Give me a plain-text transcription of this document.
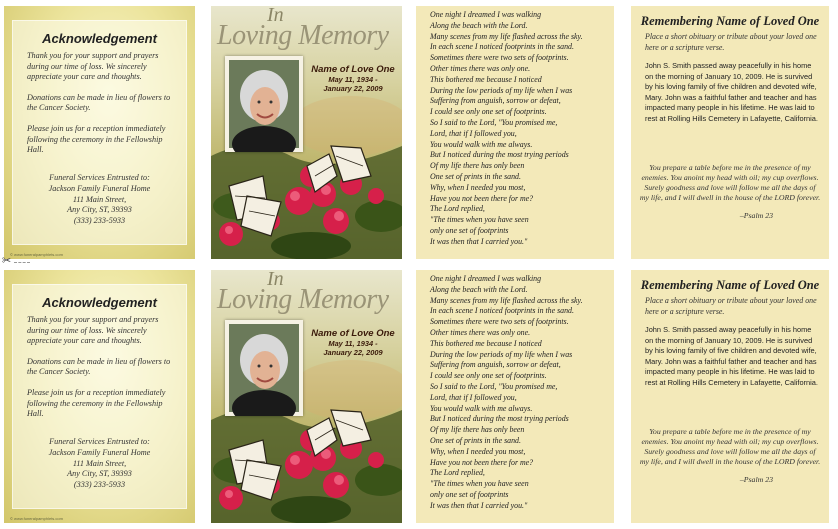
Acknowledgement

Thank you for your support and prayers during our time of loss. We sincerely appreciate your care and thoughts.

Donations can be made in lieu of flowers to the Cancer Society.

Please join us for a reception immediately following the ceremony in the Fellowship Hall.

Funeral Services Entrusted to:
Jackson Family Funeral Home
111 Main Street,
Any City, ST, 39393
(333) 233-5933
© www.funeralpamphlets.com
In
Loving Memory
Name of Love One
May 11, 1934 -
January 22, 2009
One night I dreamed I was walking
Along the beach with the Lord.
Many scenes from my life flashed across the sky.
In each scene I noticed footprints in the sand.
Sometimes there were two sets of footprints.
Other times there was only one.
This bothered me because I noticed
During the low periods of my life when I was
Suffering from anguish, sorrow or defeat,
I could see only one set of footprints.
So I said to the Lord, "You promised me,
Lord, that if I followed you,
You would walk with me always.
But I noticed during the most trying periods
Of my life there has only been
One set of prints in the sand.
Why, when I needed you most,
Have you not been there for me?
The Lord replied,
"The times when you have seen
only one set of footprints
It was then that I carried you."
Remembering Name of Loved One
Place a short obituary or tribute about your loved one here or a scripture verse.
John S. Smith passed away peacefully in his home on the morning of January 10, 2009. He is survived by his loving family of five children and devoted wife, Mary. John was a faithful father and teacher and has impacted many people in his lifetime. He was laid to rest at Rolling Hills Cemetery in Lafayette, California.
You prepare a table before me in the presence of my enemies. You anoint my head with oil; my cup overflows. Surely goodness and love will follow me all the days of my life, and I will dwell in the house of the LORD forever.
–Psalm 23
✂
Acknowledgement

Thank you for your support and prayers during our time of loss. We sincerely appreciate your care and thoughts.

Donations can be made in lieu of flowers to the Cancer Society.

Please join us for a reception immediately following the ceremony in the Fellowship Hall.

Funeral Services Entrusted to:
Jackson Family Funeral Home
111 Main Street,
Any City, ST, 39393
(333) 233-5933
© www.funeralpamphlets.com
In
Loving Memory
Name of Love One
May 11, 1934 -
January 22, 2009
One night I dreamed I was walking
Along the beach with the Lord.
Many scenes from my life flashed across the sky.
In each scene I noticed footprints in the sand.
Sometimes there were two sets of footprints.
Other times there was only one.
This bothered me because I noticed
During the low periods of my life when I was
Suffering from anguish, sorrow or defeat,
I could see only one set of footprints.
So I said to the Lord, "You promised me,
Lord, that if I followed you,
You would walk with me always.
But I noticed during the most trying periods
Of my life there has only been
One set of prints in the sand.
Why, when I needed you most,
Have you not been there for me?
The Lord replied,
"The times when you have seen
only one set of footprints
It was then that I carried you."
Remembering Name of Loved One
Place a short obituary or tribute about your loved one here or a scripture verse.
John S. Smith passed away peacefully in his home on the morning of January 10, 2009. He is survived by his loving family of five children and devoted wife, Mary. John was a faithful father and teacher and has impacted many people in his lifetime. He was laid to rest at Rolling Hills Cemetery in Lafayette, California.
You prepare a table before me in the presence of my enemies. You anoint my head with oil; my cup overflows. Surely goodness and love will follow me all the days of my life, and I will dwell in the house of the LORD forever.
–Psalm 23
